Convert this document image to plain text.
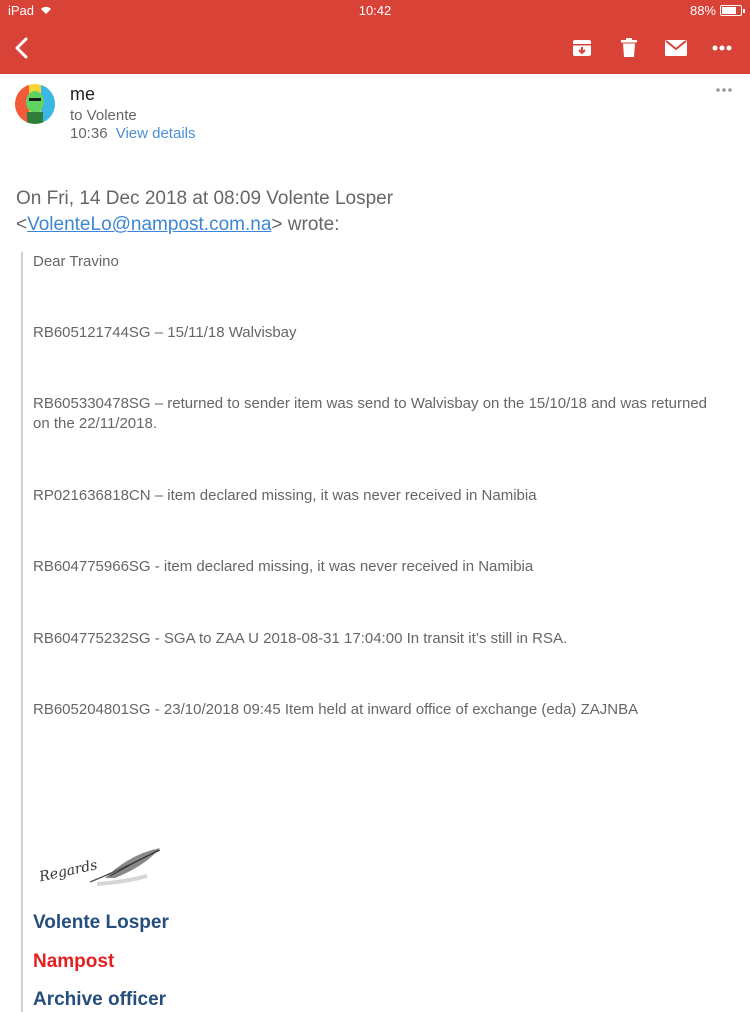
iPad	10:42	88%
me
to Volente
10:36 View details
On Fri, 14 Dec 2018 at 08:09 Volente Losper
<VolenteLo@nampost.com.na> wrote:
Dear Travino
RB605121744SG – 15/11/18 Walvisbay
RB605330478SG – returned to sender item was send to Walvisbay on the 15/10/18 and was returned on the 22/11/2018.
RP021636818CN – item declared missing, it was never received in Namibia
RB604775966SG - item declared missing, it was never received in Namibia
RB604775232SG - SGA to ZAA U 2018-08-31 17:04:00 In transit it’s still in RSA.
RB605204801SG - 23/10/2018 09:45 Item held at inward office of exchange (eda) ZAJNBA
Regards
Volente Losper
Nampost
Archive officer
